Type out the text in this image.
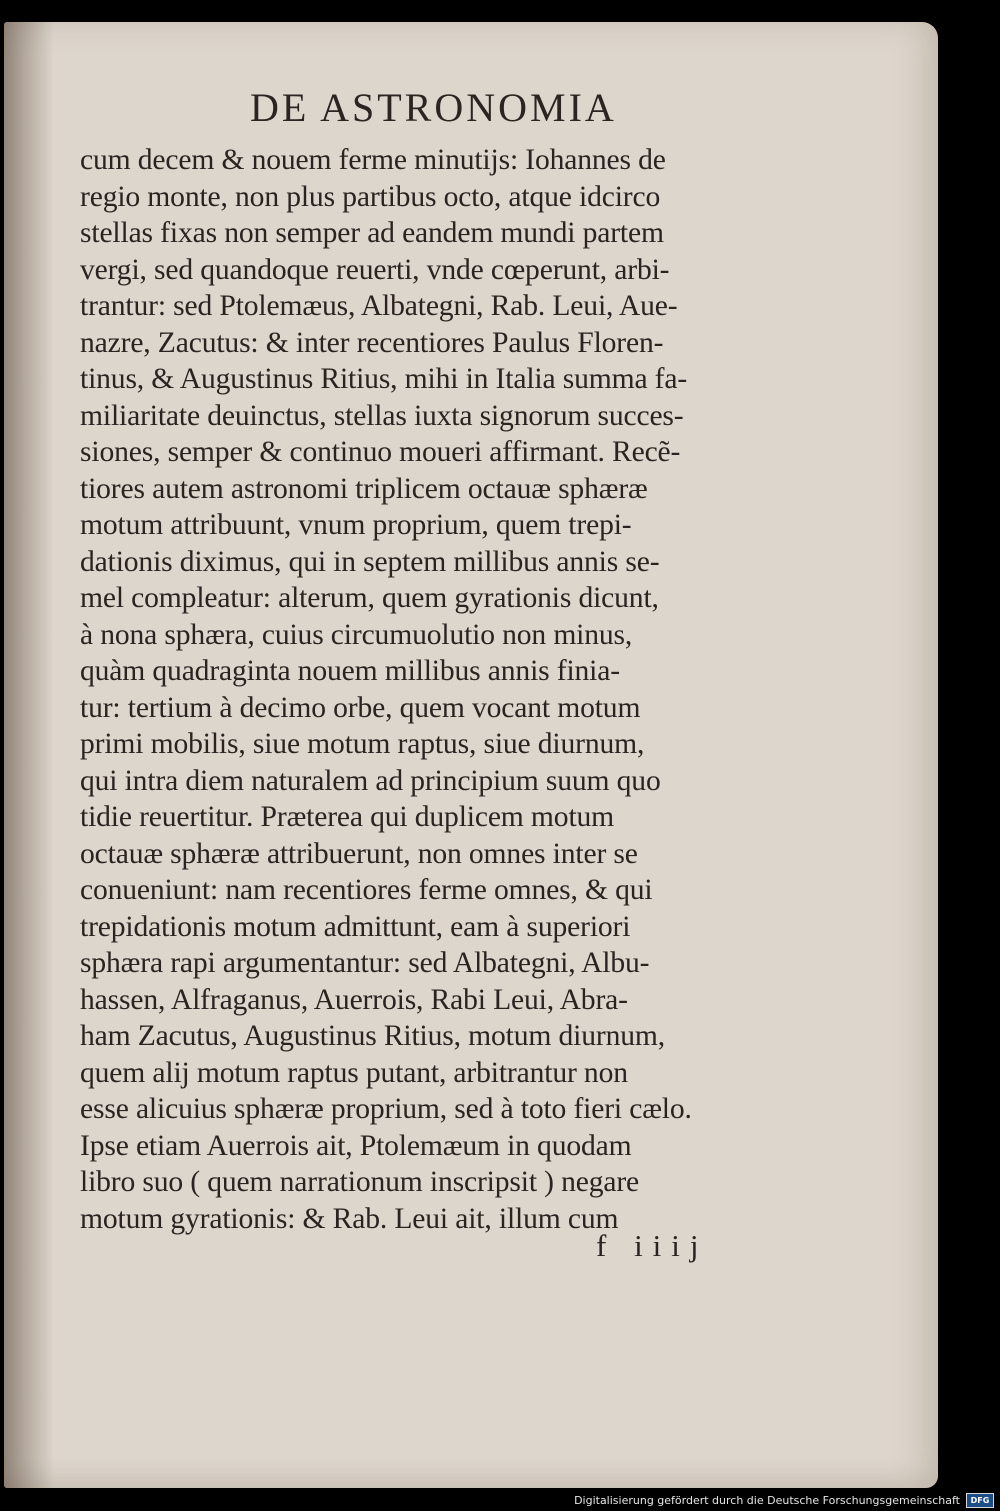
DE ASTRONOMIA
cum decem & nouem ferme minutijs: Iohannes de
regio monte, non plus partibus octo, atque idcirco
stellas fixas non semper ad eandem mundi partem
vergi, sed quandoque reuerti, vnde cœperunt, arbi-
trantur: sed Ptolemæus, Albategni, Rab. Leui, Aue-
nazre, Zacutus: & inter recentiores Paulus Floren-
tinus, & Augustinus Ritius, mihi in Italia summa fa-
miliaritate deuinctus, stellas iuxta signorum succes-
siones, semper & continuo moueri affirmant. Recẽ-
tiores autem astronomi triplicem octauæ sphæræ
motum attribuunt, vnum proprium, quem trepi-
dationis diximus, qui in septem millibus annis se-
mel compleatur: alterum, quem gyrationis dicunt,
à nona sphæra, cuius circumuolutio non minus,
quàm quadraginta nouem millibus annis finia-
tur: tertium à decimo orbe, quem vocant motum
primi mobilis, siue motum raptus, siue diurnum,
qui intra diem naturalem ad principium suum quo
tidie reuertitur. Præterea qui duplicem motum
octauæ sphæræ attribuerunt, non omnes inter se
conueniunt: nam recentiores ferme omnes, & qui
trepidationis motum admittunt, eam à superiori
sphæra rapi argumentantur: sed Albategni, Albu-
hassen, Alfraganus, Auerrois, Rabi Leui, Abra-
ham Zacutus, Augustinus Ritius, motum diurnum,
quem alij motum raptus putant, arbitrantur non
esse alicuius sphæræ proprium, sed à toto fieri cælo.
Ipse etiam Auerrois ait, Ptolemæum in quodam
libro suo ( quem narrationum inscripsit ) negare
motum gyrationis: & Rab. Leui ait, illum cum
f iiij
Digitalisierung gefördert durch die Deutsche Forschungsgemeinschaft	DFG
